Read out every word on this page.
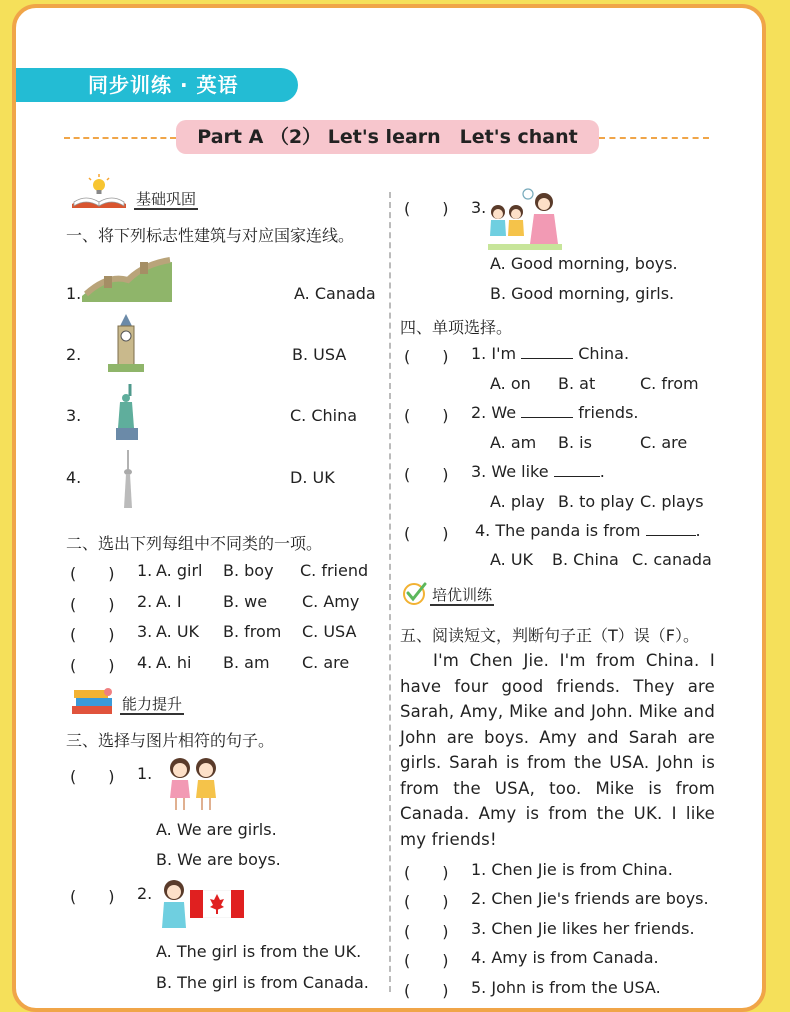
同步训练 · 英语
Part A （2） Let's learn　Let's chant
基础巩固
一、将下列标志性建筑与对应国家连线。
1.	A. Canada
2.	B. USA
3.	C. China
4.	D. UK
二、选出下列每组中不同类的一项。
(　　) 1. A. girl B. boy C. friend
(　　) 2. A. I	B. we C. Amy
(　　) 3. A. UK B. from C. USA
(　　) 4. A. hi B. am C. are
能力提升
三、选择与图片相符的句子。
(　　) 1.
A. We are girls.
B. We are boys.
(　　) 2.
A. The girl is from the UK.
B. The girl is from Canada.
(　　) 3.
A. Good morning, boys.
B. Good morning, girls.
四、单项选择。
(　　) 1. I'm	China.
A. on B. at	C. from
(　　) 2. We	friends.
A. am B. is	C. are
(　　) 3. We like	.
A. play B. to play C. plays
(　　) 4. The panda is from	.
A. UK B. China C. canada
培优训练
五、阅读短文，判断句子正（T）误（F）。

I'm Chen Jie. I'm from China. I have four good friends. They are Sarah, Amy, Mike and John. Mike and John are boys. Amy and Sarah are girls. Sarah is from the USA. John is from the USA, too. Mike is from Canada. Amy is from the UK. I like my friends!

(　　) 1. Chen Jie is from China.
(　　) 2. Chen Jie's friends are boys.
(　　) 3. Chen Jie likes her friends.
(　　) 4. Amy is from Canada.
(　　) 5. John is from the USA.
